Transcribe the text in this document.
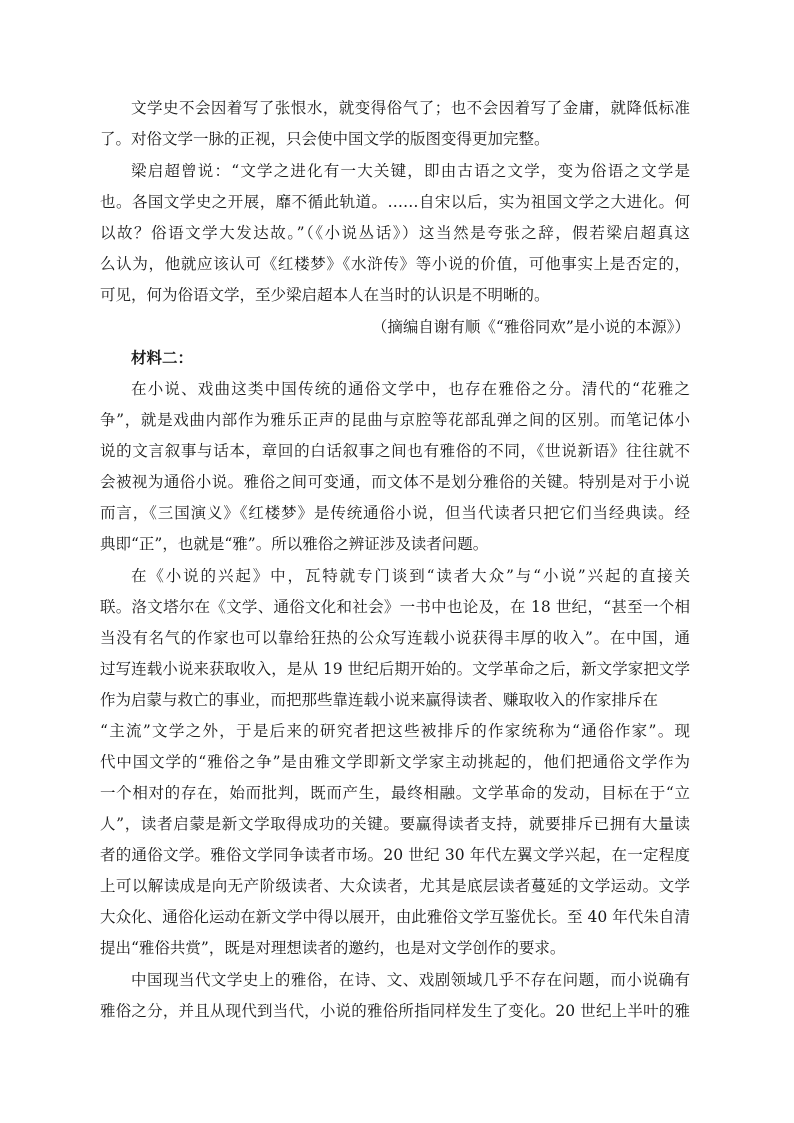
文学史不会因着写了张恨水，就变得俗气了；也不会因着写了金庸，就降低标准
了。对俗文学一脉的正视，只会使中国文学的版图变得更加完整。
梁启超曾说：“文学之进化有一大关键，即由古语之文学，变为俗语之文学是
也。各国文学史之开展，靡不循此轨道。……自宋以后，实为祖国文学之大进化。何
以故？俗语文学大发达故。”（《小说丛话》）这当然是夸张之辞，假若梁启超真这
么认为，他就应该认可《红楼梦》《水浒传》等小说的价值，可他事实上是否定的，
可见，何为俗语文学，至少梁启超本人在当时的认识是不明晰的。
（摘编自谢有顺《“雅俗同欢”是小说的本源》）
材料二：
在小说、戏曲这类中国传统的通俗文学中，也存在雅俗之分。清代的“花雅之
争”，就是戏曲内部作为雅乐正声的昆曲与京腔等花部乱弹之间的区别。而笔记体小
说的文言叙事与话本，章回的白话叙事之间也有雅俗的不同，《世说新语》往往就不
会被视为通俗小说。雅俗之间可变通，而文体不是划分雅俗的关键。特别是对于小说
而言，《三国演义》《红楼梦》是传统通俗小说，但当代读者只把它们当经典读。经
典即“正”，也就是“雅”。所以雅俗之辨证涉及读者问题。
在《小说的兴起》中，瓦特就专门谈到“读者大众”与“小说”兴起的直接关
联。洛文塔尔在《文学、通俗文化和社会》一书中也论及，在 18 世纪，“甚至一个相
当没有名气的作家也可以靠给狂热的公众写连载小说获得丰厚的收入”。在中国，通
过写连载小说来获取收入，是从 19 世纪后期开始的。文学革命之后，新文学家把文学
作为启蒙与救亡的事业，而把那些靠连载小说来赢得读者、赚取收入的作家排斥在
“主流”文学之外，于是后来的研究者把这些被排斥的作家统称为“通俗作家”。现
代中国文学的“雅俗之争”是由雅文学即新文学家主动挑起的，他们把通俗文学作为
一个相对的存在，始而批判，既而产生，最终相融。文学革命的发动，目标在于“立
人”，读者启蒙是新文学取得成功的关键。要赢得读者支持，就要排斥已拥有大量读
者的通俗文学。雅俗文学同争读者市场。20 世纪 30 年代左翼文学兴起，在一定程度
上可以解读成是向无产阶级读者、大众读者，尤其是底层读者蔓延的文学运动。文学
大众化、通俗化运动在新文学中得以展开，由此雅俗文学互鉴优长。至 40 年代朱自清
提出“雅俗共赏”，既是对理想读者的邀约，也是对文学创作的要求。
中国现当代文学史上的雅俗，在诗、文、戏剧领域几乎不存在问题，而小说确有
雅俗之分，并且从现代到当代，小说的雅俗所指同样发生了变化。20 世纪上半叶的雅
